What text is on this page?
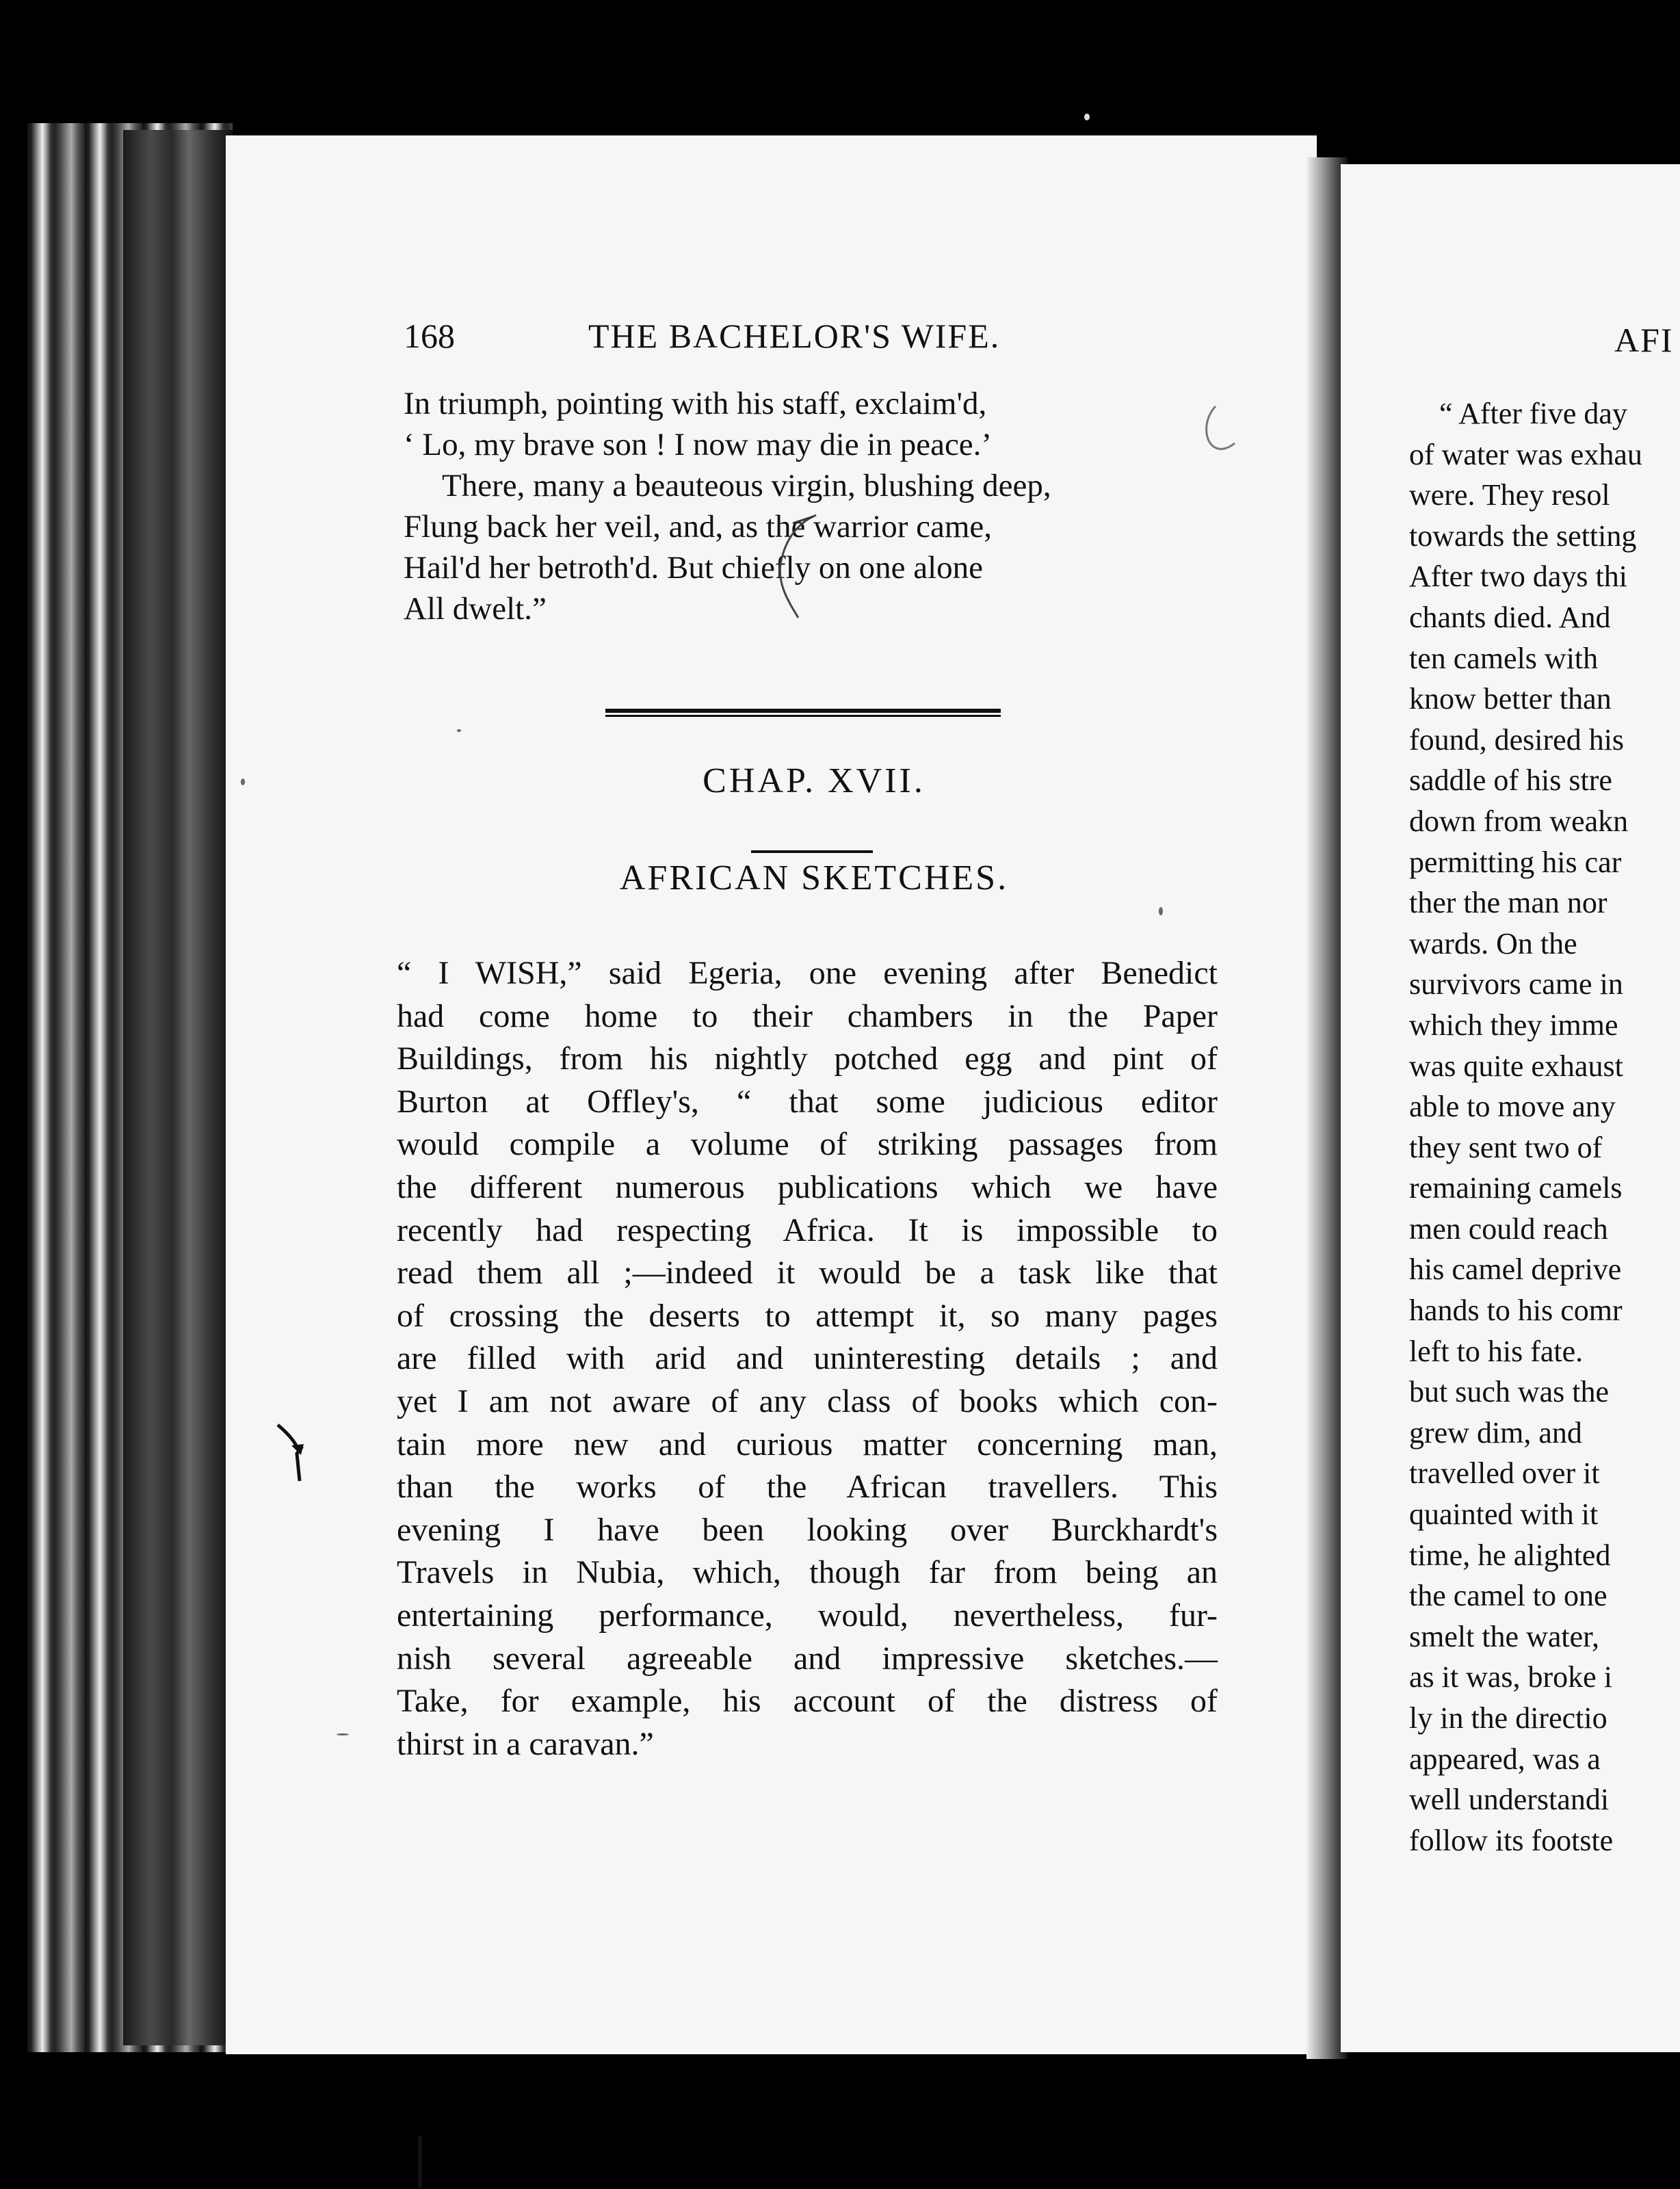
168	THE BACHELOR'S WIFE.
In triumph, pointing with his staff, exclaim'd,
‘ Lo, my brave son ! I now may die in peace.’
There, many a beauteous virgin, blushing deep,
Flung back her veil, and, as the warrior came,
Hail'd her betroth'd. But chiefly on one alone
All dwelt.”
CHAP. XVII.
AFRICAN SKETCHES.
“ I WISH,” said Egeria, one evening after Benedict
had come home to their chambers in the Paper
Buildings, from his nightly potched egg and pint of
Burton at Offley's, “ that some judicious editor
would compile a volume of striking passages from
the different numerous publications which we have
recently had respecting Africa. It is impossible to
read them all ;—indeed it would be a task like that
of crossing the deserts to attempt it, so many pages
are filled with arid and uninteresting details ; and
yet I am not aware of any class of books which con-
tain more new and curious matter concerning man,
than the works of the African travellers. This
evening I have been looking over Burckhardt's
Travels in Nubia, which, though far from being an
entertaining performance, would, nevertheless, fur-
nish several agreeable and impressive sketches.—
Take, for example, his account of the distress of
thirst in a caravan.”
AFI
“ After five day
of water was exhau
were. They resol
towards the setting
After two days thi
chants died. And
ten camels with
know better than
found, desired his
saddle of his stre
down from weakn
permitting his car
ther the man nor
wards. On the
survivors came in
which they imme
was quite exhaust
able to move any
they sent two of
remaining camels
men could reach
his camel deprive
hands to his comr
left to his fate.
but such was the
grew dim, and
travelled over it
quainted with it
time, he alighted
the camel to one
smelt the water,
as it was, broke i
ly in the directio
appeared, was a
well understandi
follow its footste
